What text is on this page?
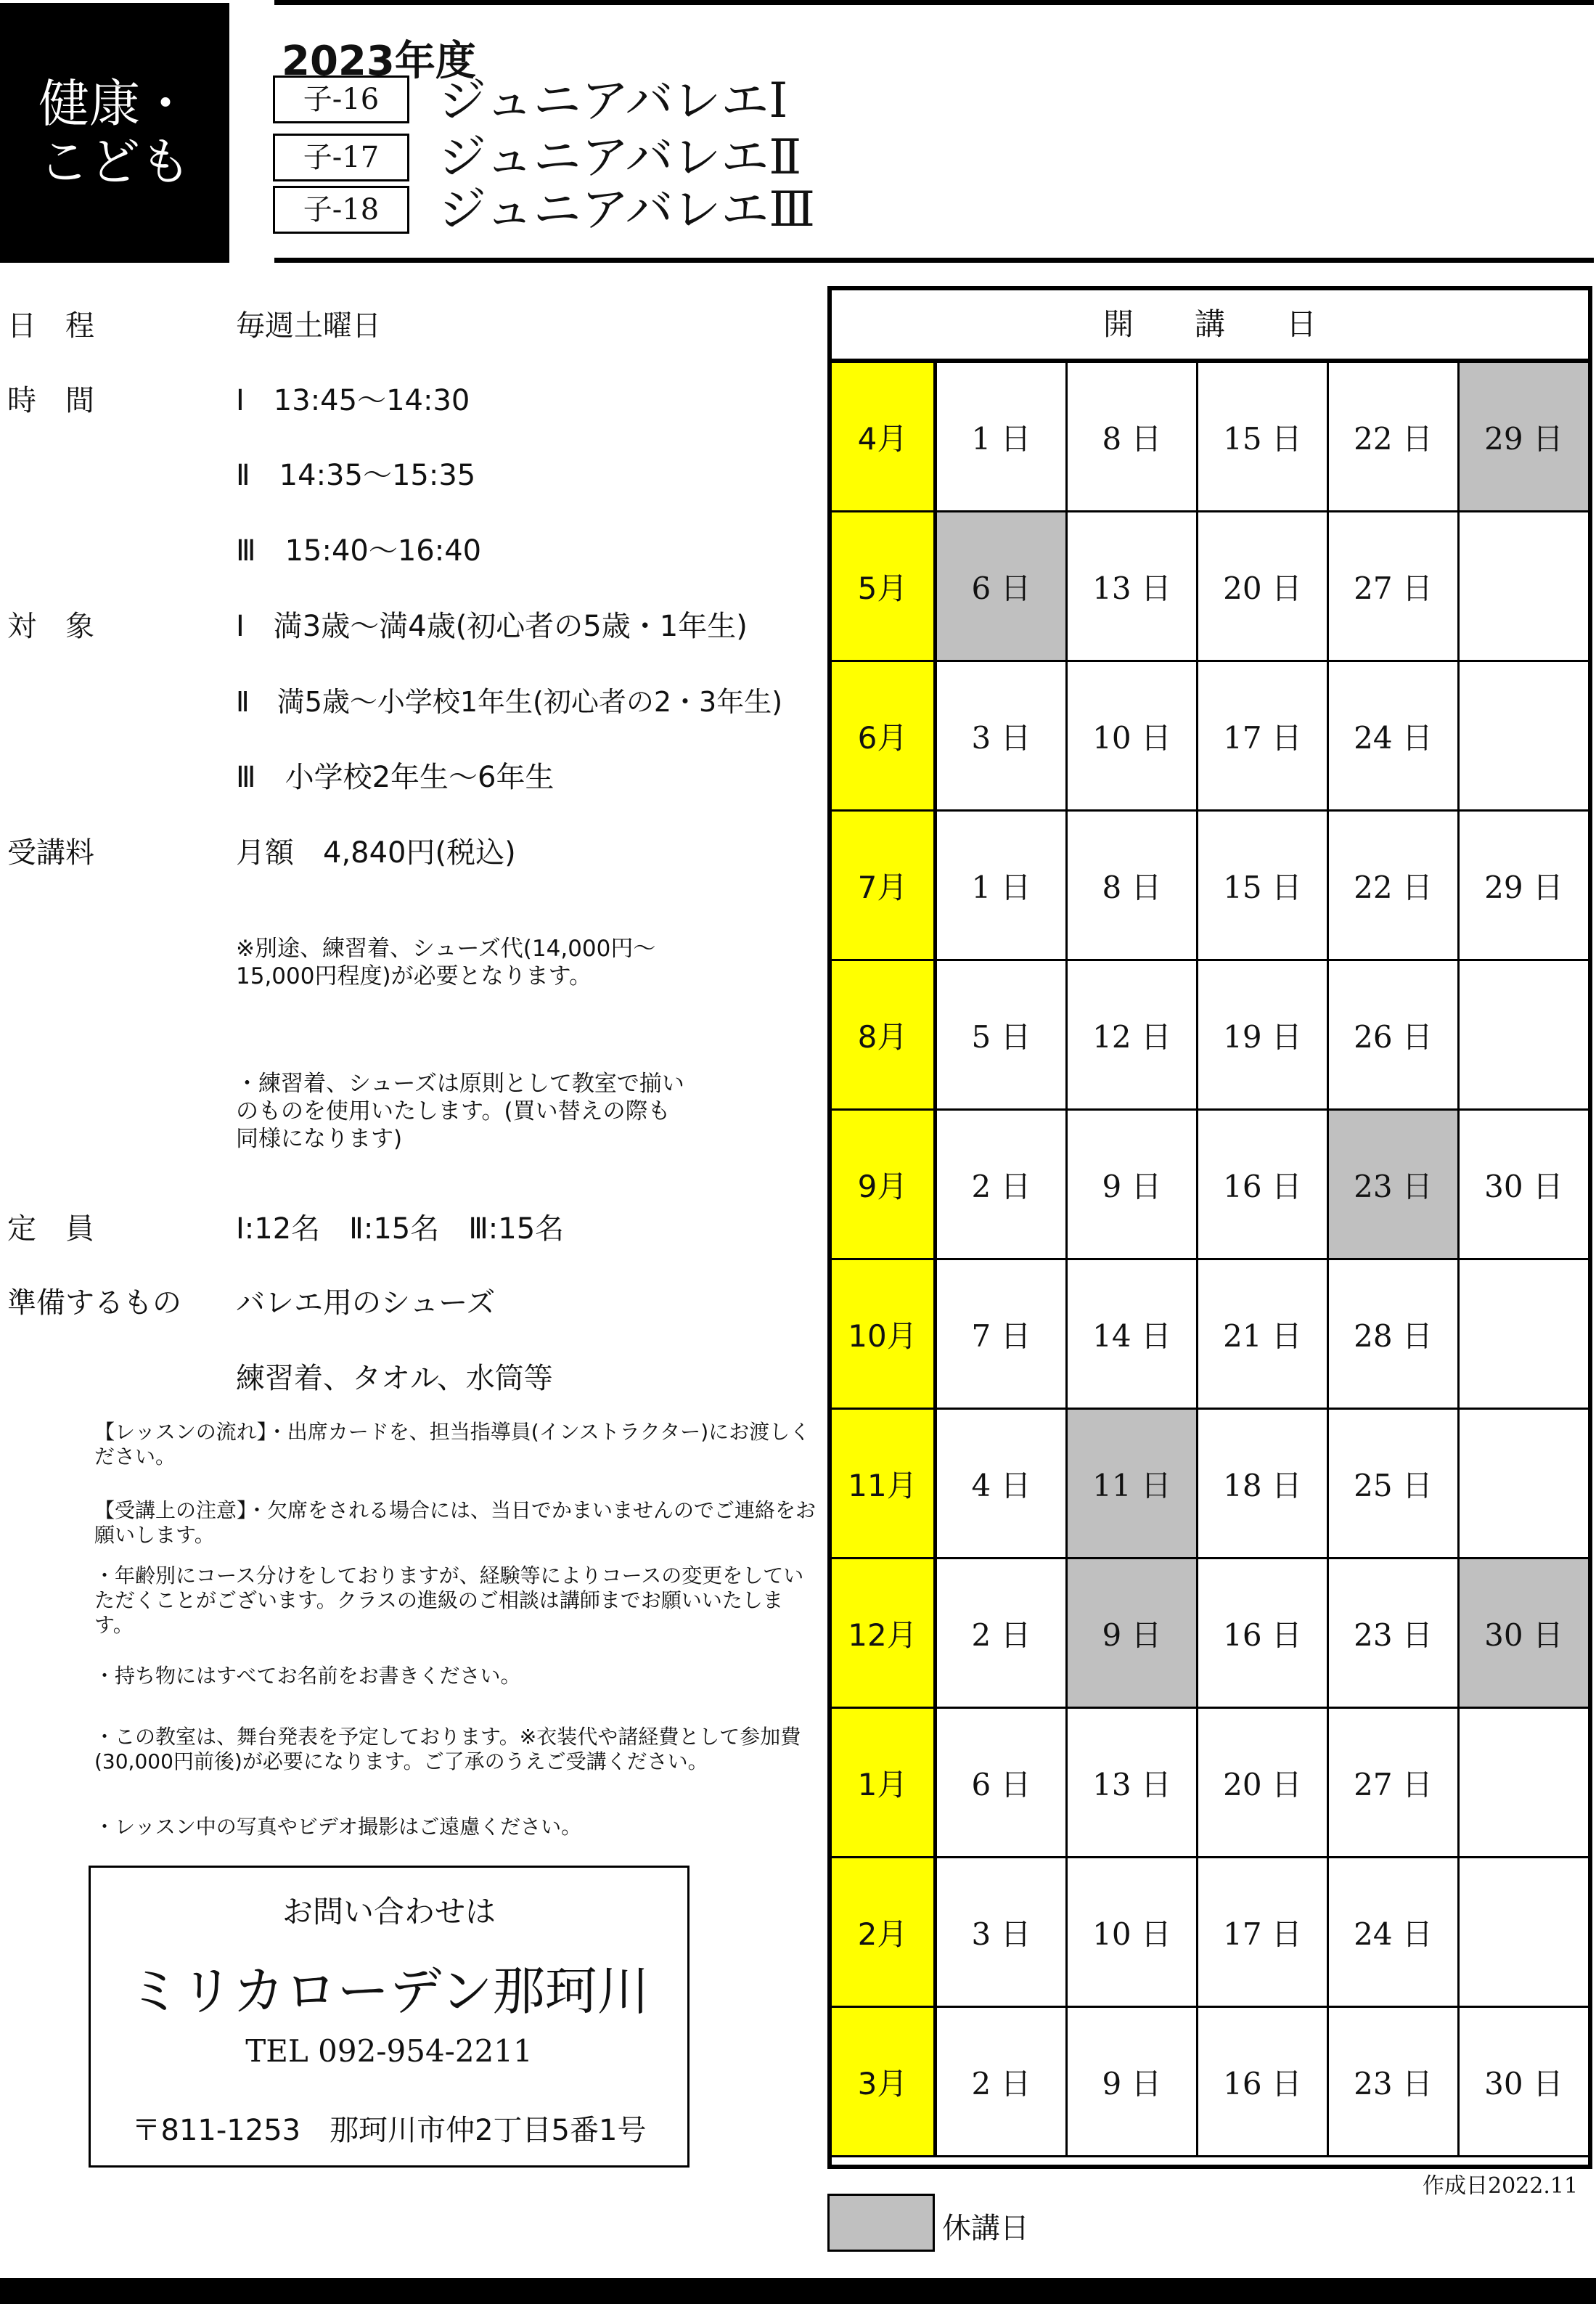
健康・
こども
2023年度
子-16	ジュニアバレエⅠ
子-17	ジュニアバレエⅡ
子-18	ジュニアバレエⅢ
日　程	毎週土曜日
時　間	Ⅰ　13:45～14:30
Ⅱ　14:35～15:35
Ⅲ　15:40～16:40
対　象	Ⅰ　満3歳～満4歳(初心者の5歳・1年生)
Ⅱ　満5歳～小学校1年生(初心者の2・3年生)
Ⅲ　小学校2年生～6年生
受講料	月額　4,840円(税込)
※別途、練習着、シューズ代(14,000円～15,000円程度)が必要となります。
・練習着、シューズは原則として教室で揃いのものを使用いたします。(買い替えの際も同様になります)
定　員	Ⅰ:12名　Ⅱ:15名　Ⅲ:15名
準備するもの バレエ用のシューズ
練習着、タオル、水筒等
【レッスンの流れ】・出席カードを、担当指導員(インストラクター)にお渡しください。
【受講上の注意】・欠席をされる場合には、当日でかまいませんのでご連絡をお願いします。
・年齢別にコース分けをしておりますが、経験等によりコースの変更をしていただくことがございます。クラスの進級のご相談は講師までお願いいたします。
・持ち物にはすべてお名前をお書きください。
・この教室は、舞台発表を予定しております。※衣装代や諸経費として参加費(30,000円前後)が必要になります。ご了承のうえご受講ください。
・レッスン中の写真やビデオ撮影はご遠慮ください。
お問い合わせは
ミリカローデン那珂川
TEL 092-954-2211
〒811-1253　那珂川市仲2丁目5番1号
開　　講　　日
4月	1 日	8 日	15 日	22 日	29 日
5月	6 日	13 日	20 日	27 日
6月	3 日	10 日	17 日	24 日
7月	1 日	8 日	15 日	22 日	29 日
8月	5 日	12 日	19 日	26 日
9月	2 日	9 日	16 日	23 日	30 日
10月	7 日	14 日	21 日	28 日
11月	4 日	11 日	18 日	25 日
12月	2 日	9 日	16 日	23 日	30 日
1月	6 日	13 日	20 日	27 日
2月	3 日	10 日	17 日	24 日
3月	2 日	9 日	16 日	23 日	30 日
作成日2022.11
休講日
